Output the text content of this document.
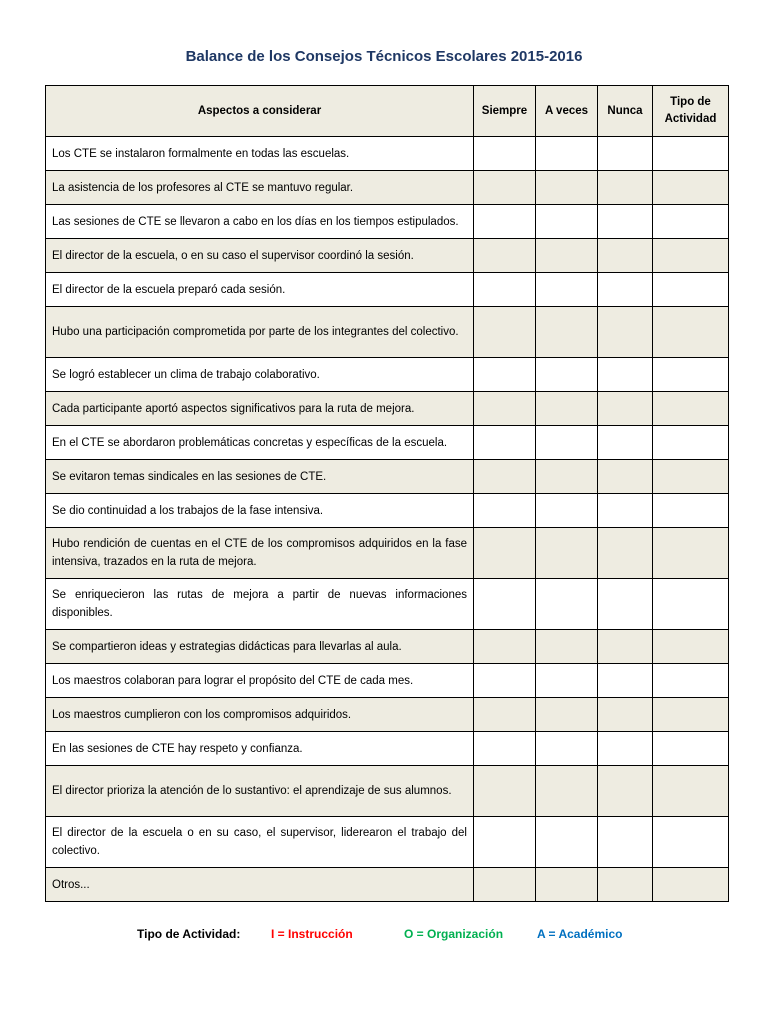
Balance de los Consejos Técnicos Escolares 2015-2016
Aspectos a considerar	Siempre	A veces	Nunca	Tipo de
Actividad
Los CTE se instalaron formalmente en todas las escuelas.				
La asistencia de los profesores al CTE se mantuvo regular.				
Las sesiones de CTE se llevaron a cabo en los días en los tiempos estipulados.				
El director de la escuela, o en su caso el supervisor coordinó la sesión.				
El director de la escuela preparó cada sesión.				
Hubo una participación comprometida por parte de los integrantes del colectivo.				
Se logró establecer un clima de trabajo colaborativo.				
Cada participante aportó aspectos significativos para la ruta de mejora.				
En el CTE se abordaron problemáticas concretas y específicas de la escuela.				
Se evitaron temas sindicales en las sesiones de CTE.				
Se dio continuidad a los trabajos de la fase intensiva.				
Hubo rendición de cuentas en el CTE de los compromisos adquiridos en la fase intensiva, trazados en la ruta de mejora.				
Se enriquecieron las rutas de mejora a partir de nuevas informaciones disponibles.				
Se compartieron ideas y estrategias didácticas para llevarlas al aula.				
Los maestros colaboran para lograr el propósito del CTE de cada mes.				
Los maestros cumplieron con los compromisos adquiridos.				
En las sesiones de CTE hay respeto y confianza.				
El director prioriza la atención de lo sustantivo: el aprendizaje de sus alumnos.				
El director de la escuela o en su caso, el supervisor, liderearon el trabajo del colectivo.				
Otros...				
Tipo de Actividad:	I = Instrucción	O = Organización	A = Académico
